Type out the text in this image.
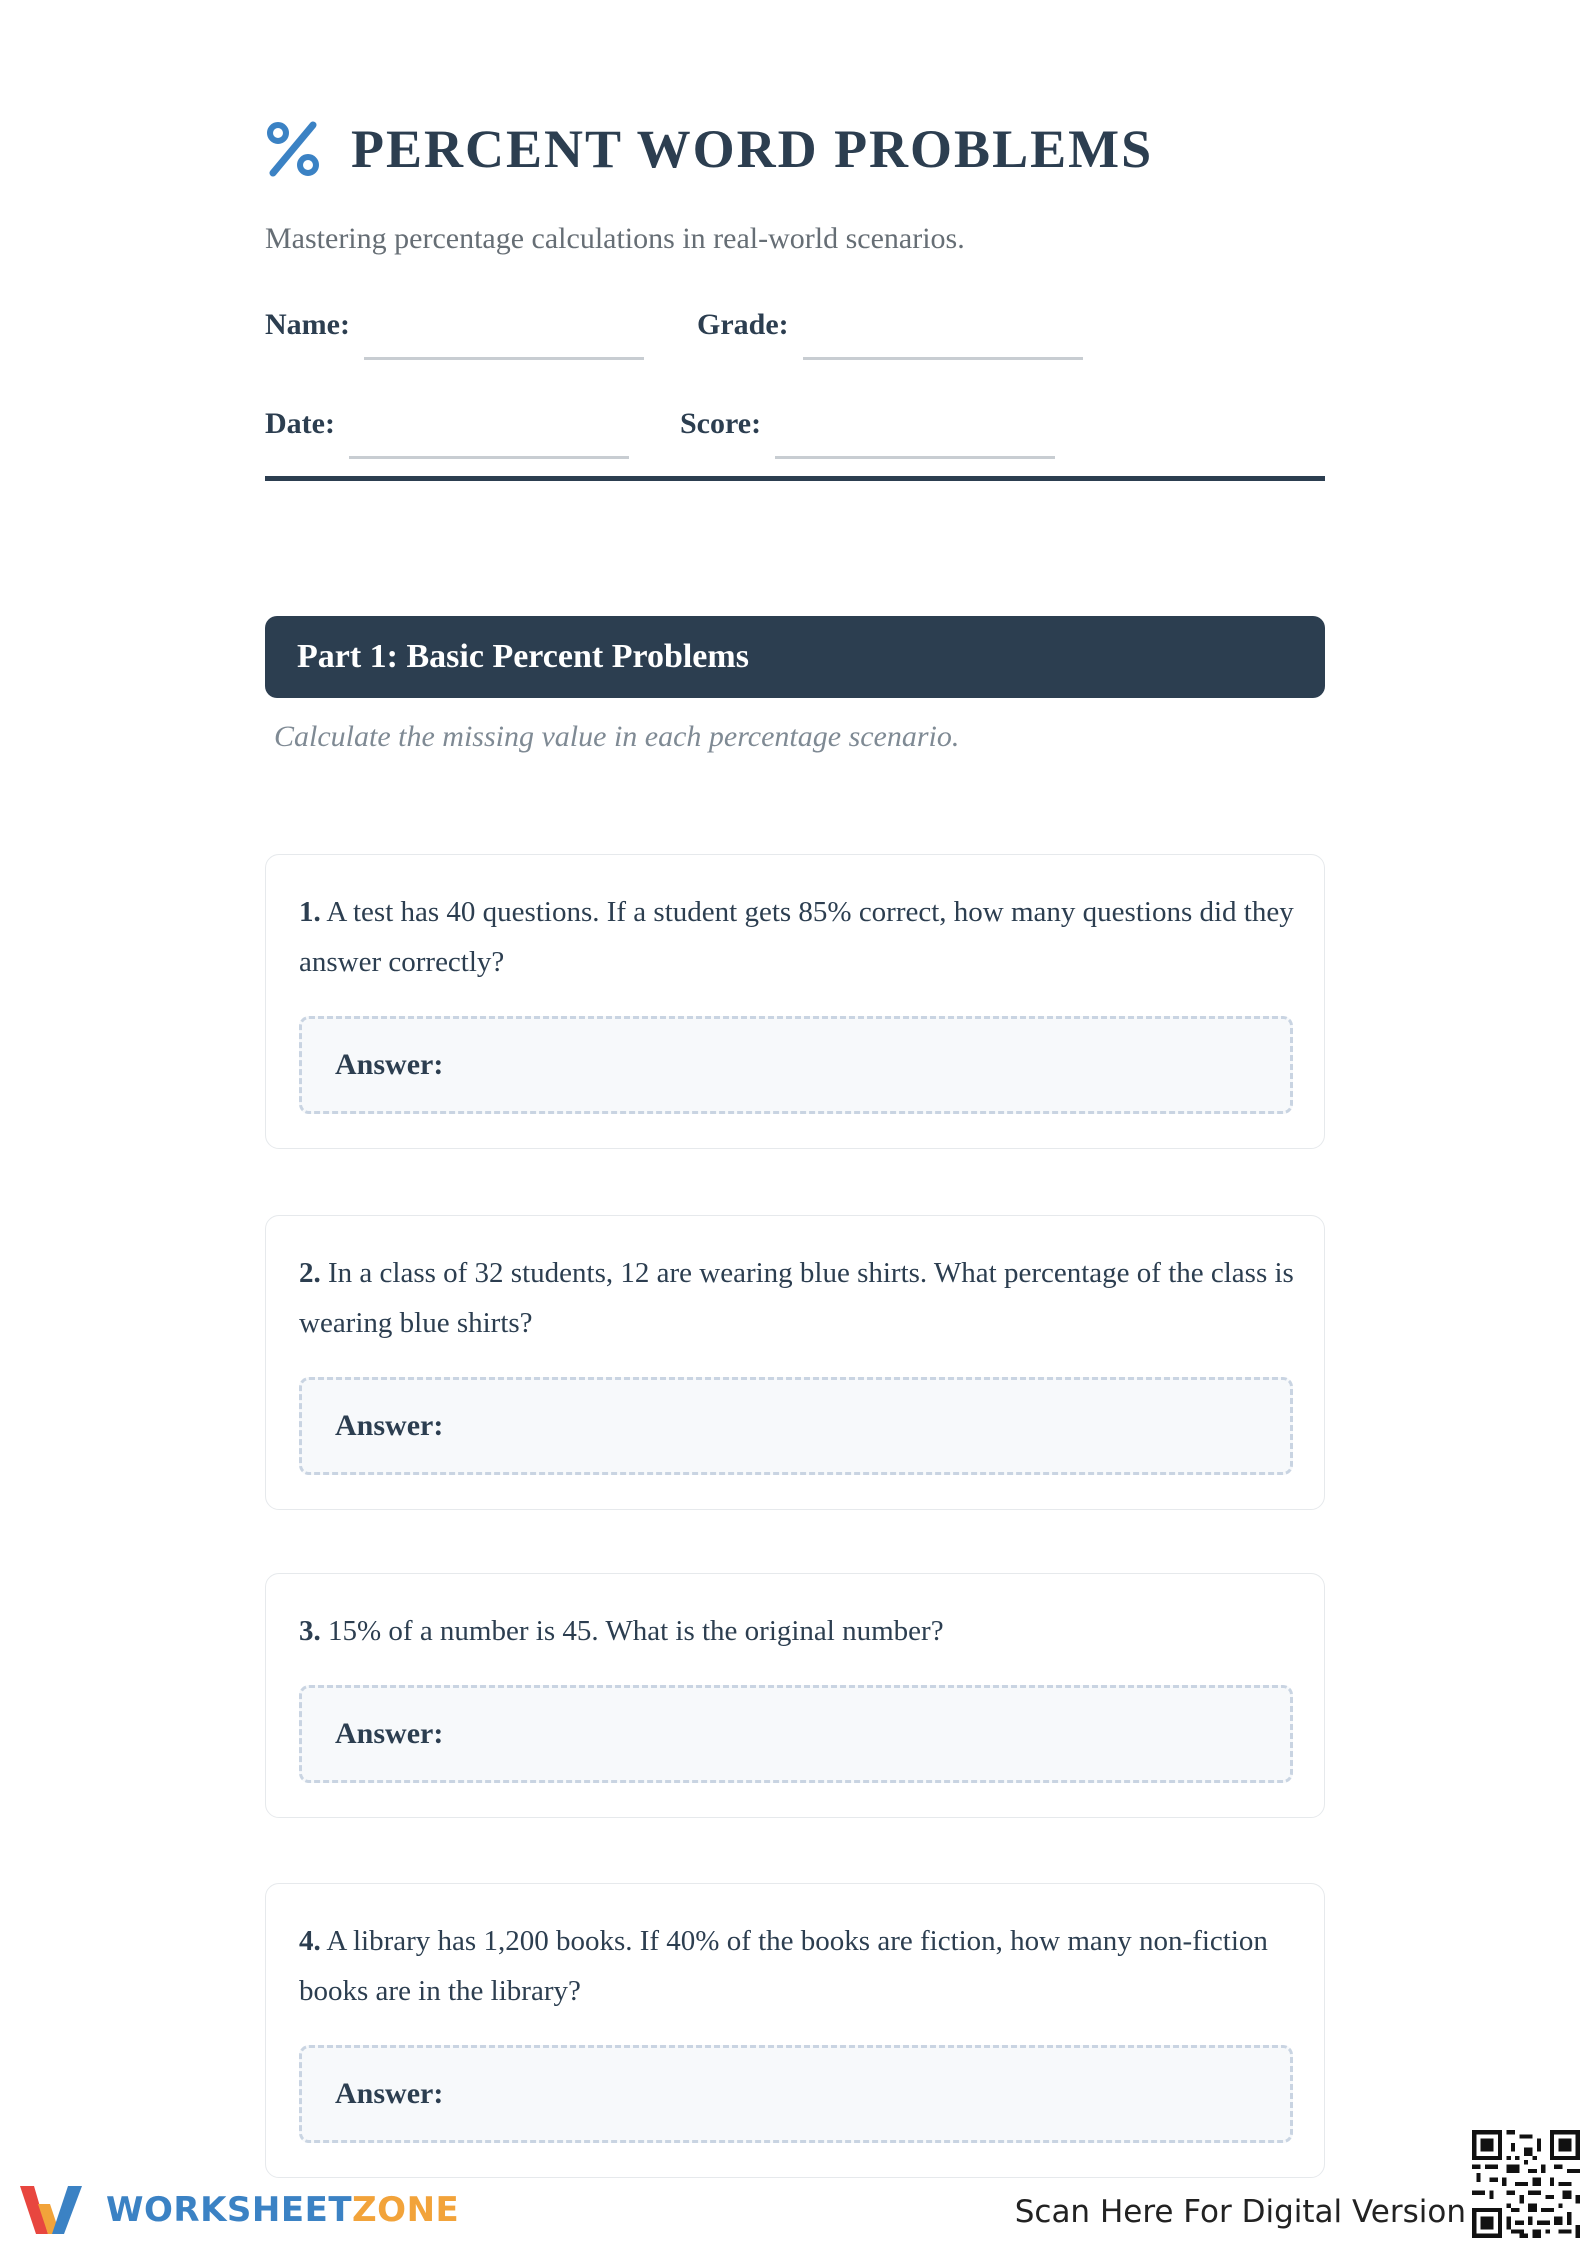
PERCENT WORD PROBLEMS
Mastering percentage calculations in real-world scenarios.
Name:	Grade:
Date:	Score:
Part 1: Basic Percent Problems
Calculate the missing value in each percentage scenario.
1. A test has 40 questions. If a student gets 85% correct, how many questions did they answer correctly?
Answer:
2. In a class of 32 students, 12 are wearing blue shirts. What percentage of the class is wearing blue shirts?
Answer:
3. 15% of a number is 45. What is the original number?
Answer:
4. A library has 1,200 books. If 40% of the books are fiction, how many non-fiction books are in the library?
Answer:
WORKSHEETZONE	Scan Here For Digital Version
